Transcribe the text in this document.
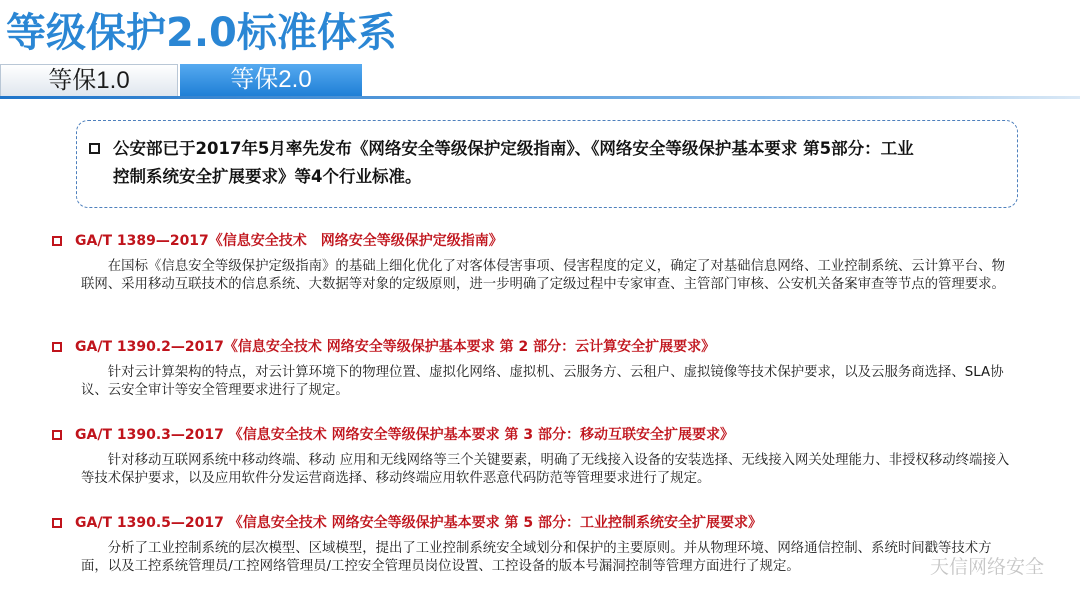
等级保护2.0标准体系
等保1.0	等保2.0
公安部已于2017年5月率先发布《网络安全等级保护定级指南》、《网络安全等级保护基本要求 第5部分：工业
控制系统安全扩展要求》等4个行业标准。
GA/T 1389—2017《信息安全技术　网络安全等级保护定级指南》
在国标《信息安全等级保护定级指南》的基础上细化优化了对客体侵害事项、侵害程度的定义，确定了对基础信息网络、工业控制系统、云计算平台、物联网、采用移动互联技术的信息系统、大数据等对象的定级原则，进一步明确了定级过程中专家审查、主管部门审核、公安机关备案审查等节点的管理要求。
GA/T 1390.2—2017《信息安全技术 网络安全等级保护基本要求 第 2 部分：云计算安全扩展要求》
针对云计算架构的特点，对云计算环境下的物理位置、虚拟化网络、虚拟机、云服务方、云租户、虚拟镜像等技术保护要求，以及云服务商选择、SLA协议、云安全审计等安全管理要求进行了规定。
GA/T 1390.3—2017 《信息安全技术 网络安全等级保护基本要求 第 3 部分：移动互联安全扩展要求》
针对移动互联网系统中移动终端、移动 应用和无线网络等三个关键要素，明确了无线接入设备的安装选择、无线接入网关处理能力、非授权移动终端接入等技术保护要求，以及应用软件分发运营商选择、移动终端应用软件恶意代码防范等管理要求进行了规定。
GA/T 1390.5—2017 《信息安全技术 网络安全等级保护基本要求 第 5 部分：工业控制系统安全扩展要求》
分析了工业控制系统的层次模型、区域模型，提出了工业控制系统安全域划分和保护的主要原则。并从物理环境、网络通信控制、系统时间戳等技术方面，以及工控系统管理员/工控网络管理员/工控安全管理员岗位设置、工控设备的版本号漏洞控制等管理方面进行了规定。	天信网络安全
